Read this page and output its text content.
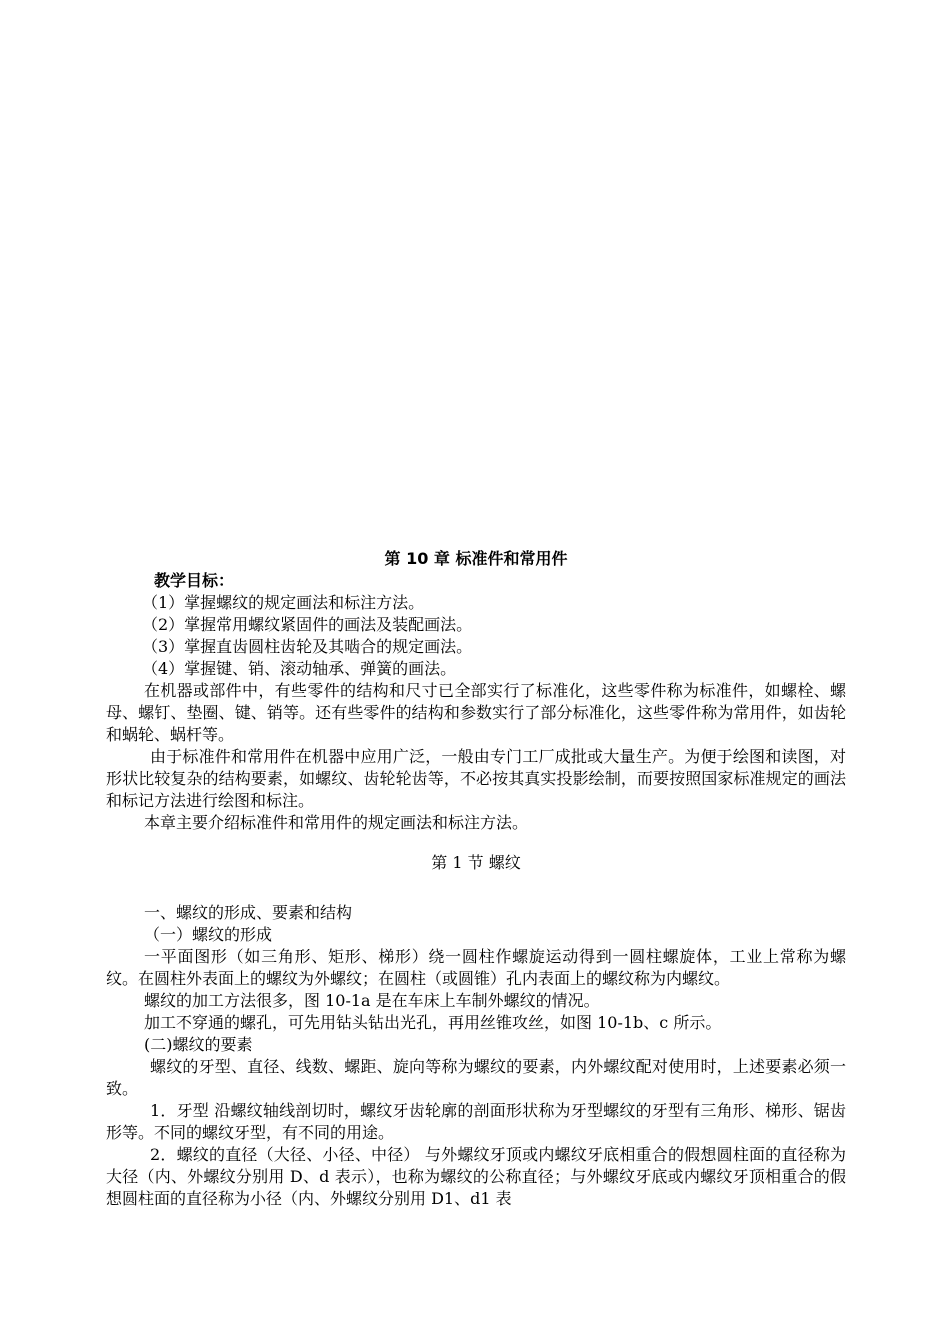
第 10 章 标准件和常用件

教学目标：

（1）掌握螺纹的规定画法和标注方法。

（2）掌握常用螺纹紧固件的画法及装配画法。

（3）掌握直齿圆柱齿轮及其啮合的规定画法。

（4）掌握键、销、滚动轴承、弹簧的画法。

在机器或部件中，有些零件的结构和尺寸已全部实行了标准化，这些零件称为标准件，如螺栓、螺母、螺钉、垫圈、键、销等。还有些零件的结构和参数实行了部分标准化，这些零件称为常用件，如齿轮和蜗轮、蜗杆等。

由于标准件和常用件在机器中应用广泛，一般由专门工厂成批或大量生产。为便于绘图和读图，对形状比较复杂的结构要素，如螺纹、齿轮轮齿等，不必按其真实投影绘制，而要按照国家标准规定的画法和标记方法进行绘图和标注。

本章主要介绍标准件和常用件的规定画法和标注方法。

第 1 节 螺纹

一、螺纹的形成、要素和结构

（一）螺纹的形成

一平面图形（如三角形、矩形、梯形）绕一圆柱作螺旋运动得到一圆柱螺旋体，工业上常称为螺纹。在圆柱外表面上的螺纹为外螺纹；在圆柱（或圆锥）孔内表面上的螺纹称为内螺纹。

螺纹的加工方法很多，图 10-1a 是在车床上车制外螺纹的情况。

加工不穿通的螺孔，可先用钻头钻出光孔，再用丝锥攻丝，如图 10-1b、c 所示。

(二)螺纹的要素

螺纹的牙型、直径、线数、螺距、旋向等称为螺纹的要素，内外螺纹配对使用时，上述要素必须一致。

1．牙型 沿螺纹轴线剖切时，螺纹牙齿轮廓的剖面形状称为牙型螺纹的牙型有三角形、梯形、锯齿形等。不同的螺纹牙型，有不同的用途。

2．螺纹的直径（大径、小径、中径） 与外螺纹牙顶或内螺纹牙底相重合的假想圆柱面的直径称为大径（内、外螺纹分别用 D、d 表示），也称为螺纹的公称直径；与外螺纹牙底或内螺纹牙顶相重合的假想圆柱面的直径称为小径（内、外螺纹分别用 D1、d1 表
